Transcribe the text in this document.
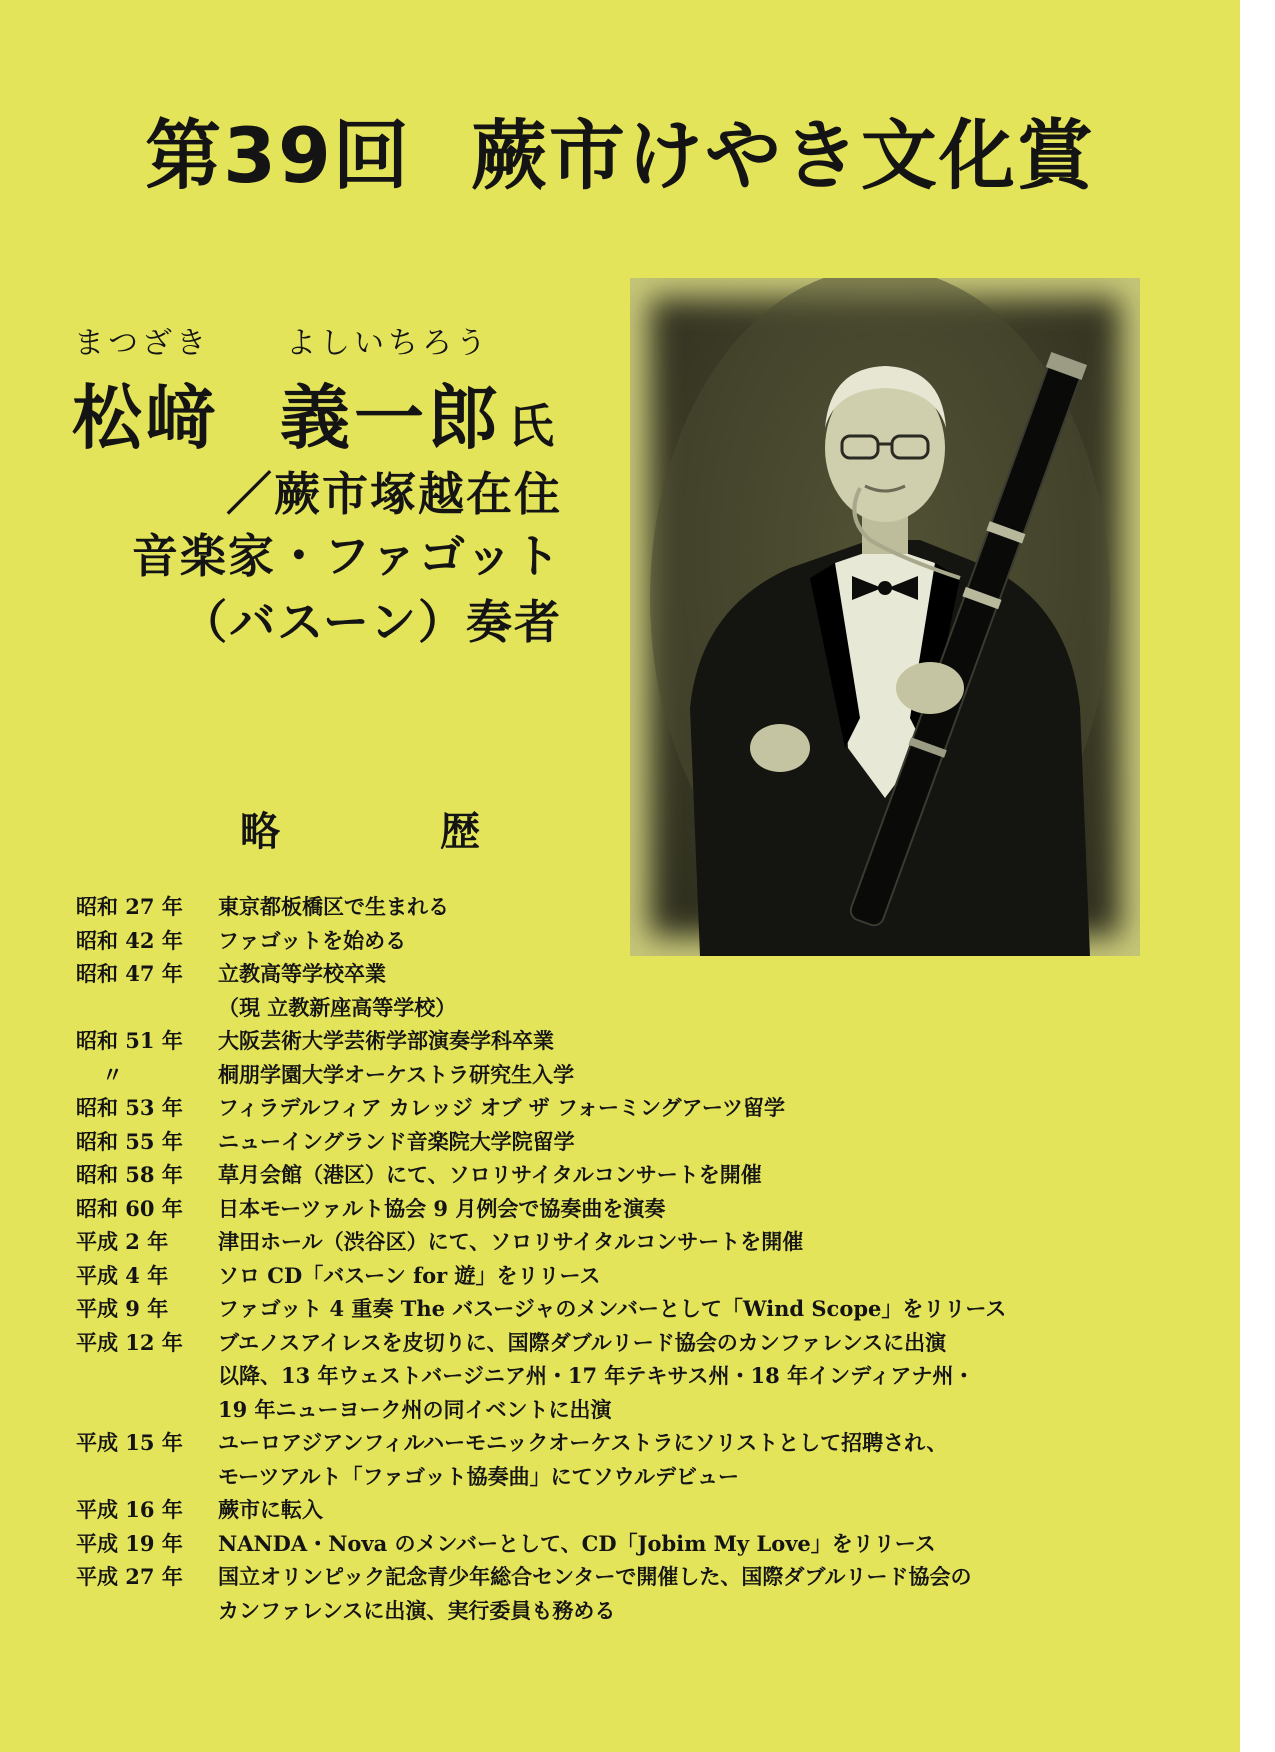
第39回 蕨市けやき文化賞
まつざき	よしいちろう
松﨑 義一郎 氏
／蕨市塚越在住
音楽家・ファゴット
（バスーン）奏者
略　歴
昭和 27 年	東京都板橋区で生まれる
昭和 42 年	ファゴットを始める
昭和 47 年	立教高等学校卒業
（現 立教新座高等学校）
昭和 51 年	大阪芸術大学芸術学部演奏学科卒業
〃	桐朋学園大学オーケストラ研究生入学
昭和 53 年	フィラデルフィア カレッジ オブ ザ フォーミングアーツ留学
昭和 55 年	ニューイングランド音楽院大学院留学
昭和 58 年	草月会館（港区）にて、ソロリサイタルコンサートを開催
昭和 60 年	日本モーツァルト協会 9 月例会で協奏曲を演奏
平成 2 年	津田ホール（渋谷区）にて、ソロリサイタルコンサートを開催
平成 4 年	ソロ CD「バスーン for 遊」をリリース
平成 9 年	ファゴット 4 重奏 The バスージャのメンバーとして「Wind Scope」をリリース
平成 12 年	ブエノスアイレスを皮切りに、国際ダブルリード協会のカンファレンスに出演
以降、13 年ウェストバージニア州・17 年テキサス州・18 年インディアナ州・
19 年ニューヨーク州の同イベントに出演
平成 15 年	ユーロアジアンフィルハーモニックオーケストラにソリストとして招聘され、
モーツアルト「ファゴット協奏曲」にてソウルデビュー
平成 16 年	蕨市に転入
平成 19 年	NANDA・Nova のメンバーとして、CD「Jobim My Love」をリリース
平成 27 年	国立オリンピック記念青少年総合センターで開催した、国際ダブルリード協会の
カンファレンスに出演、実行委員も務める
